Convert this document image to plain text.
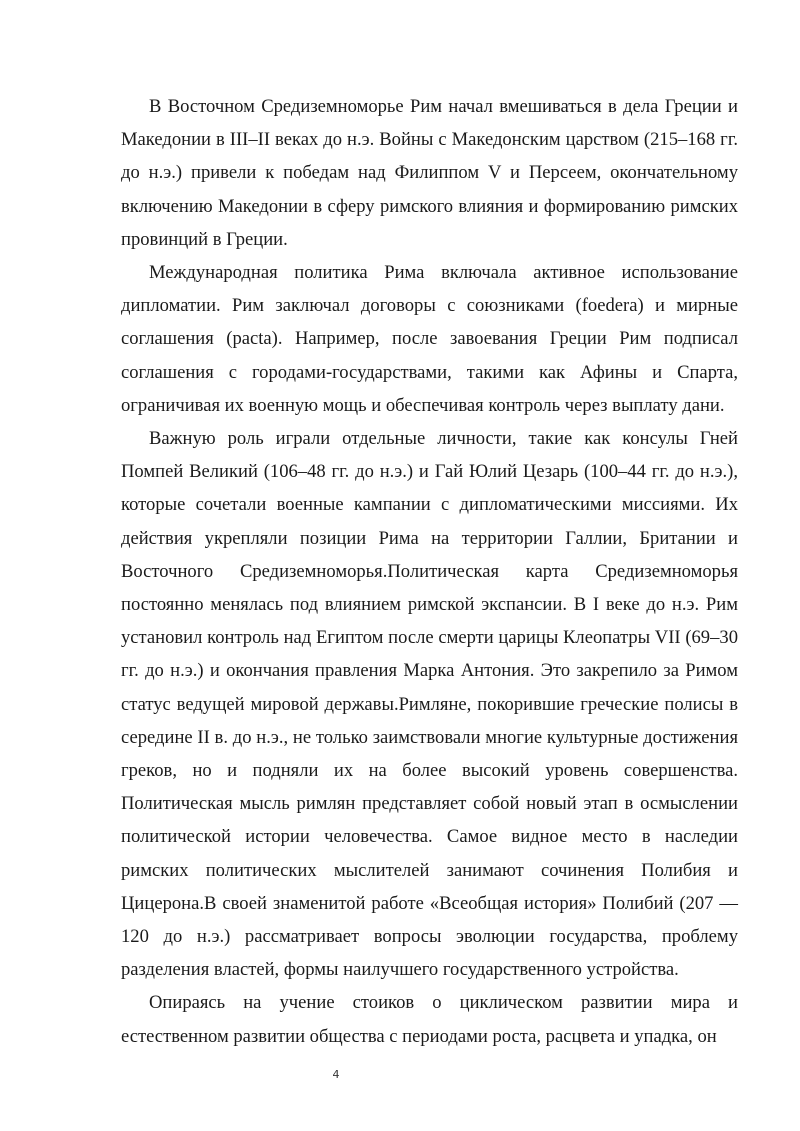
В Восточном Средиземноморье Рим начал вмешиваться в дела Греции и Македонии в III–II веках до н.э. Войны с Македонским царством (215–168 гг. до н.э.) привели к победам над Филиппом V и Персеем, окончательному включению Македонии в сферу римского влияния и формированию римских провинций в Греции.

Международная политика Рима включала активное использование дипломатии. Рим заключал договоры с союзниками (foedera) и мирные соглашения (pacta). Например, после завоевания Греции Рим подписал соглашения с городами-государствами, такими как Афины и Спарта, ограничивая их военную мощь и обеспечивая контроль через выплату дани.

Важную роль играли отдельные личности, такие как консулы Гней Помпей Великий (106–48 гг. до н.э.) и Гай Юлий Цезарь (100–44 гг. до н.э.), которые сочетали военные кампании с дипломатическими миссиями. Их действия укрепляли позиции Рима на территории Галлии, Британии и Восточного Средиземноморья.Политическая карта Средиземноморья постоянно менялась под влиянием римской экспансии. В I веке до н.э. Рим установил контроль над Египтом после смерти царицы Клеопатры VII (69–30 гг. до н.э.) и окончания правления Марка Антония. Это закрепило за Римом статус ведущей мировой державы.Римляне, покорившие греческие полисы в середине II в. до н.э., не только заимствовали многие культурные достижения греков, но и подняли их на более высокий уровень совершенства. Политическая мысль римлян представляет собой новый этап в осмыслении политической истории человечества. Самое видное место в наследии римских политических мыслителей занимают сочинения Полибия и Цицерона.В своей знаменитой работе «Всеобщая история» Полибий (207 — 120 до н.э.) рассматривает вопросы эволюции государства, проблему разделения властей, формы наилучшего государственного устройства.

Опираясь на учение стоиков о циклическом развитии мира и естественном развитии общества с периодами роста, расцвета и упадка, он

4
